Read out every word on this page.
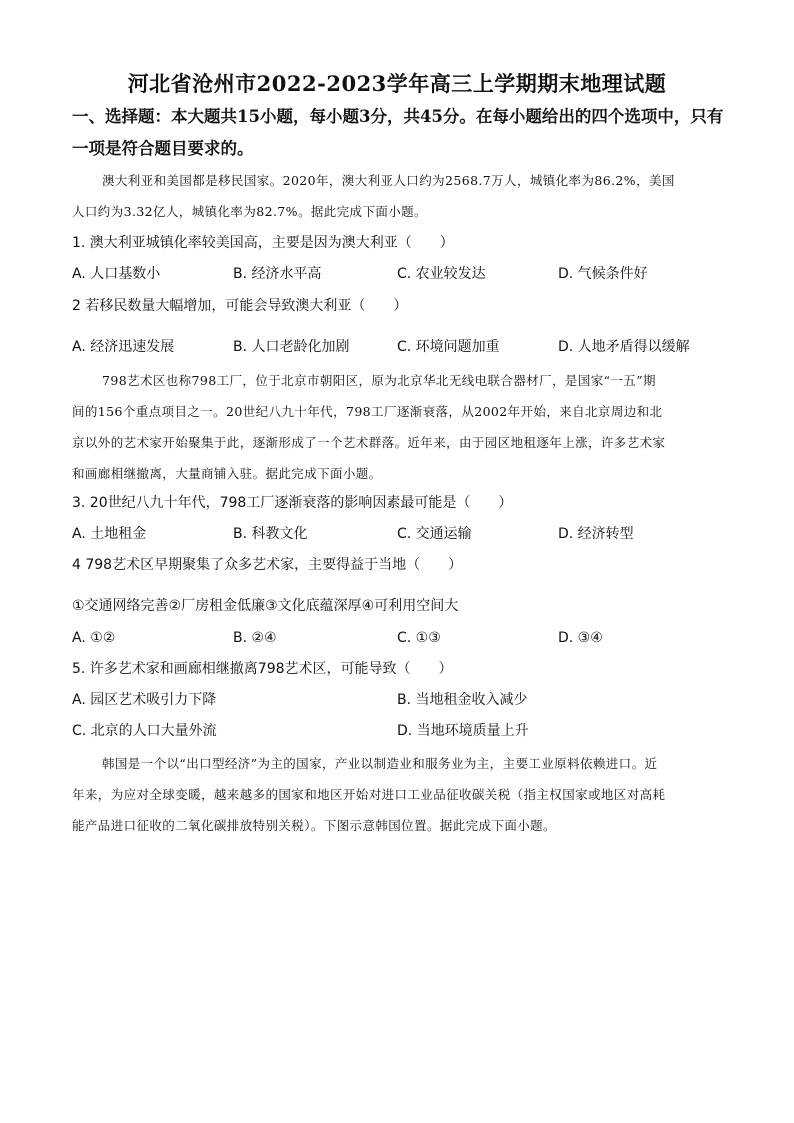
河北省沧州市2022-2023学年高三上学期期末地理试题
一、选择题：本大题共15小题，每小题3分，共45分。在每小题给出的四个选项中，只有
一项是符合题目要求的。
澳大利亚和美国都是移民国家。2020年，澳大利亚人口约为2568.7万人，城镇化率为86.2%，美国
人口约为3.32亿人，城镇化率为82.7%。据此完成下面小题。
1. 澳大利亚城镇化率较美国高，主要是因为澳大利亚（　　）
A. 人口基数小	B. 经济水平高	C. 农业较发达	D. 气候条件好
2 若移民数量大幅增加，可能会导致澳大利亚（　　）
A. 经济迅速发展	B. 人口老龄化加剧	C. 环境问题加重	D. 人地矛盾得以缓解
798艺术区也称798工厂，位于北京市朝阳区，原为北京华北无线电联合器材厂，是国家“一五”期
间的156个重点项目之一。20世纪八九十年代，798工厂逐渐衰落，从2002年开始，来自北京周边和北
京以外的艺术家开始聚集于此，逐渐形成了一个艺术群落。近年来，由于园区地租逐年上涨，许多艺术家
和画廊相继撤离，大量商铺入驻。据此完成下面小题。
3. 20世纪八九十年代，798工厂逐渐衰落的影响因素最可能是（　　）
A. 土地租金	B. 科教文化	C. 交通运输	D. 经济转型
4 798艺术区早期聚集了众多艺术家，主要得益于当地（　　）
①交通网络完善②厂房租金低廉③文化底蕴深厚④可利用空间大
A. ①②	B. ②④	C. ①③	D. ③④
5. 许多艺术家和画廊相继撤离798艺术区，可能导致（　　）
A. 园区艺术吸引力下降	B. 当地租金收入减少
C. 北京的人口大量外流	D. 当地环境质量上升
韩国是一个以“出口型经济”为主的国家，产业以制造业和服务业为主，主要工业原料依赖进口。近
年来，为应对全球变暖，越来越多的国家和地区开始对进口工业品征收碳关税（指主权国家或地区对高耗
能产品进口征收的二氧化碳排放特别关税）。下图示意韩国位置。据此完成下面小题。
